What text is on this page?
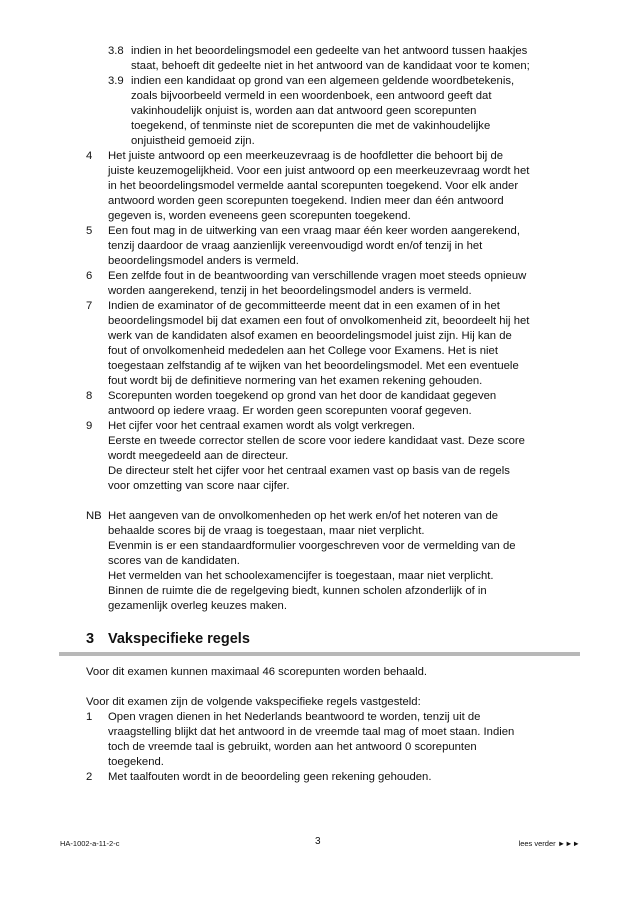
3.8 indien in het beoordelingsmodel een gedeelte van het antwoord tussen haakjes
staat, behoeft dit gedeelte niet in het antwoord van de kandidaat voor te komen;
3.9 indien een kandidaat op grond van een algemeen geldende woordbetekenis,
zoals bijvoorbeeld vermeld in een woordenboek, een antwoord geeft dat
vakinhoudelijk onjuist is, worden aan dat antwoord geen scorepunten
toegekend, of tenminste niet de scorepunten die met de vakinhoudelijke
onjuistheid gemoeid zijn.
4 Het juiste antwoord op een meerkeuzevraag is de hoofdletter die behoort bij de
juiste keuzemogelijkheid. Voor een juist antwoord op een meerkeuzevraag wordt het
in het beoordelingsmodel vermelde aantal scorepunten toegekend. Voor elk ander
antwoord worden geen scorepunten toegekend. Indien meer dan één antwoord
gegeven is, worden eveneens geen scorepunten toegekend.
5 Een fout mag in de uitwerking van een vraag maar één keer worden aangerekend,
tenzij daardoor de vraag aanzienlijk vereenvoudigd wordt en/of tenzij in het
beoordelingsmodel anders is vermeld.
6 Een zelfde fout in de beantwoording van verschillende vragen moet steeds opnieuw
worden aangerekend, tenzij in het beoordelingsmodel anders is vermeld.
7 Indien de examinator of de gecommitteerde meent dat in een examen of in het
beoordelingsmodel bij dat examen een fout of onvolkomenheid zit, beoordeelt hij het
werk van de kandidaten alsof examen en beoordelingsmodel juist zijn. Hij kan de
fout of onvolkomenheid mededelen aan het College voor Examens. Het is niet
toegestaan zelfstandig af te wijken van het beoordelingsmodel. Met een eventuele
fout wordt bij de definitieve normering van het examen rekening gehouden.
8 Scorepunten worden toegekend op grond van het door de kandidaat gegeven
antwoord op iedere vraag. Er worden geen scorepunten vooraf gegeven.
9 Het cijfer voor het centraal examen wordt als volgt verkregen.
Eerste en tweede corrector stellen de score voor iedere kandidaat vast. Deze score
wordt meegedeeld aan de directeur.
De directeur stelt het cijfer voor het centraal examen vast op basis van de regels
voor omzetting van score naar cijfer.
NB Het aangeven van de onvolkomenheden op het werk en/of het noteren van de
behaalde scores bij de vraag is toegestaan, maar niet verplicht.
Evenmin is er een standaardformulier voorgeschreven voor de vermelding van de
scores van de kandidaten.
Het vermelden van het schoolexamencijfer is toegestaan, maar niet verplicht.
Binnen de ruimte die de regelgeving biedt, kunnen scholen afzonderlijk of in
gezamenlijk overleg keuzes maken.
3 Vakspecifieke regels
Voor dit examen kunnen maximaal 46 scorepunten worden behaald.
Voor dit examen zijn de volgende vakspecifieke regels vastgesteld:
1 Open vragen dienen in het Nederlands beantwoord te worden, tenzij uit de
vraagstelling blijkt dat het antwoord in de vreemde taal mag of moet staan. Indien
toch de vreemde taal is gebruikt, worden aan het antwoord 0 scorepunten
toegekend.
2 Met taalfouten wordt in de beoordeling geen rekening gehouden.
HA-1002-a-11-2-c	3	lees verder ►►►
